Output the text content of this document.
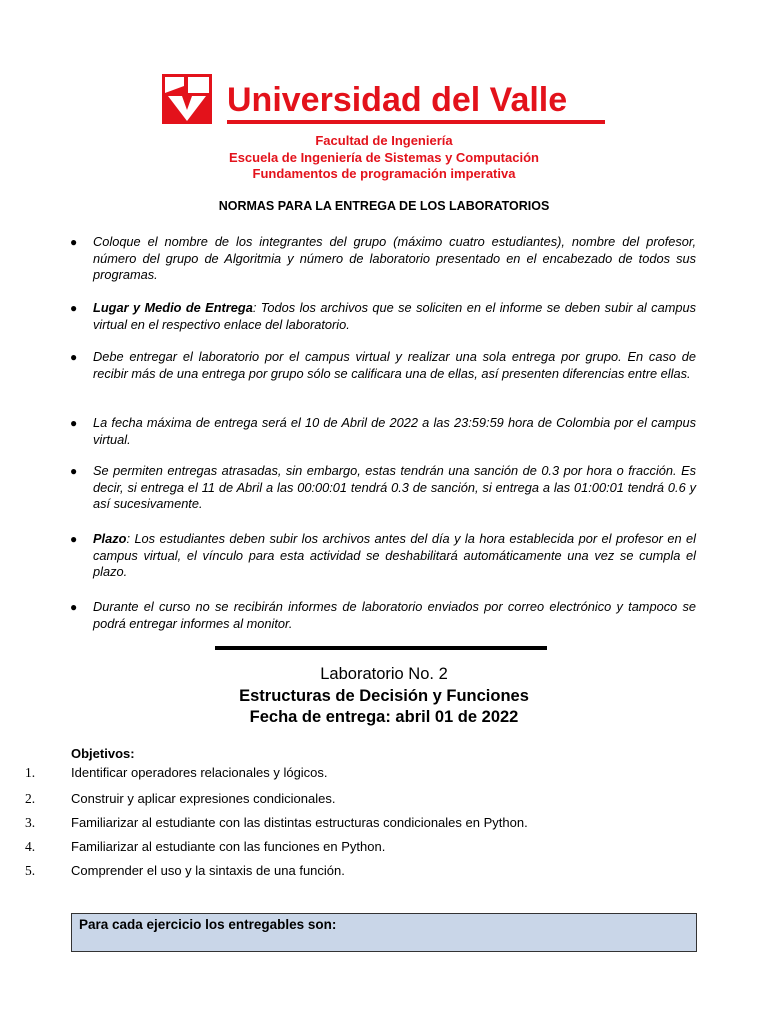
Universidad del Valle
Facultad de Ingeniería
Escuela de Ingeniería de Sistemas y Computación
Fundamentos de programación imperativa
NORMAS PARA LA ENTREGA DE LOS LABORATORIOS
● Coloque el nombre de los integrantes del grupo (máximo cuatro estudiantes), nombre del profesor, número del grupo de Algoritmia y número de laboratorio presentado en el encabezado de todos sus programas.
● Lugar y Medio de Entrega: Todos los archivos que se soliciten en el informe se deben subir al campus virtual en el respectivo enlace del laboratorio.
● Debe entregar el laboratorio por el campus virtual y realizar una sola entrega por grupo. En caso de recibir más de una entrega por grupo sólo se calificara una de ellas, así presenten diferencias entre ellas.
● La fecha máxima de entrega será el 10 de Abril de 2022 a las 23:59:59 hora de Colombia por el campus virtual.
● Se permiten entregas atrasadas, sin embargo, estas tendrán una sanción de 0.3 por hora o fracción. Es decir, si entrega el 11 de Abril a las 00:00:01 tendrá 0.3 de sanción, si entrega a las 01:00:01 tendrá 0.6 y así sucesivamente.
● Plazo: Los estudiantes deben subir los archivos antes del día y la hora establecida por el profesor en el campus virtual, el vínculo para esta actividad se deshabilitará automáticamente una vez se cumpla el plazo.
● Durante el curso no se recibirán informes de laboratorio enviados por correo electrónico y tampoco se podrá entregar informes al monitor.
Laboratorio No. 2
Estructuras de Decisión y Funciones
Fecha de entrega: abril 01 de 2022
Objetivos:
1.	Identificar operadores relacionales y lógicos.
2.	Construir y aplicar expresiones condicionales.
3.	Familiarizar al estudiante con las distintas estructuras condicionales en Python.
4.	Familiarizar al estudiante con las funciones en Python.
5.	Comprender el uso y la sintaxis de una función.
Para cada ejercicio los entregables son:
